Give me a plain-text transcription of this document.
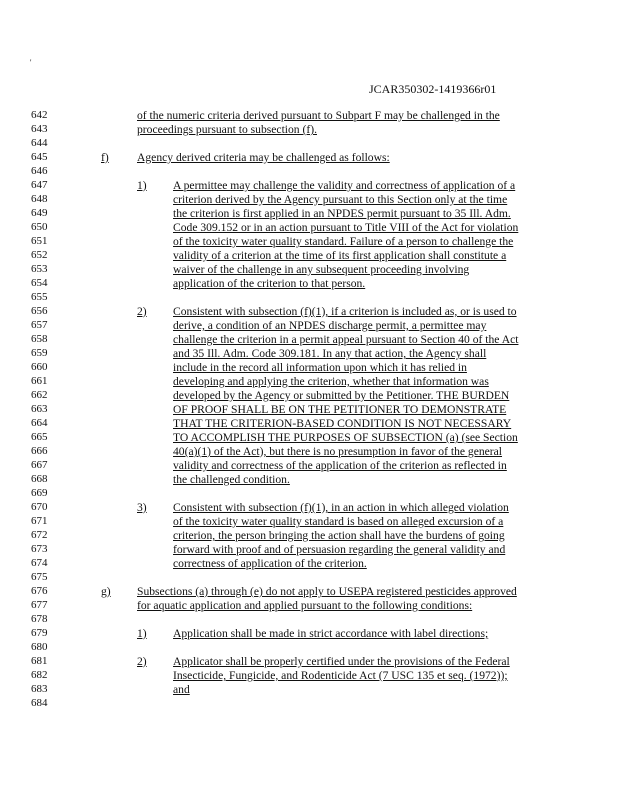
'
JCAR350302-1419366r01
642
643
644
645
646
647
648
649
650
651
652
653
654
655
656
657
658
659
660
661
662
663
664
665
666
667
668
669
670
671
672
673
674
675
676
677
678
679
680
681
682
683
684
of the numeric criteria derived pursuant to Subpart F may be challenged in the
proceedings pursuant to subsection (f).
f) Agency derived criteria may be challenged as follows:
1) A permittee may challenge the validity and correctness of application of a
criterion derived by the Agency pursuant to this Section only at the time
the criterion is first applied in an NPDES permit pursuant to 35 Ill. Adm.
Code 309.152 or in an action pursuant to Title VIII of the Act for violation
of the toxicity water quality standard. Failure of a person to challenge the
validity of a criterion at the time of its first application shall constitute a
waiver of the challenge in any subsequent proceeding involving
application of the criterion to that person.
2) Consistent with subsection (f)(1), if a criterion is included as, or is used to
derive, a condition of an NPDES discharge permit, a permittee may
challenge the criterion in a permit appeal pursuant to Section 40 of the Act
and 35 Ill. Adm. Code 309.181. In any that action, the Agency shall
include in the record all information upon which it has relied in
developing and applying the criterion, whether that information was
developed by the Agency or submitted by the Petitioner. THE BURDEN
OF PROOF SHALL BE ON THE PETITIONER TO DEMONSTRATE
THAT THE CRITERION-BASED CONDITION IS NOT NECESSARY
TO ACCOMPLISH THE PURPOSES OF SUBSECTION (a) (see Section
40(a)(1) of the Act), but there is no presumption in favor of the general
validity and correctness of the application of the criterion as reflected in
the challenged condition.
3) Consistent with subsection (f)(1), in an action in which alleged violation
of the toxicity water quality standard is based on alleged excursion of a
criterion, the person bringing the action shall have the burdens of going
forward with proof and of persuasion regarding the general validity and
correctness of application of the criterion.
g) Subsections (a) through (e) do not apply to USEPA registered pesticides approved
for aquatic application and applied pursuant to the following conditions:
1) Application shall be made in strict accordance with label directions;
2) Applicator shall be properly certified under the provisions of the Federal
Insecticide, Fungicide, and Rodenticide Act (7 USC 135 et seq. (1972));
and
